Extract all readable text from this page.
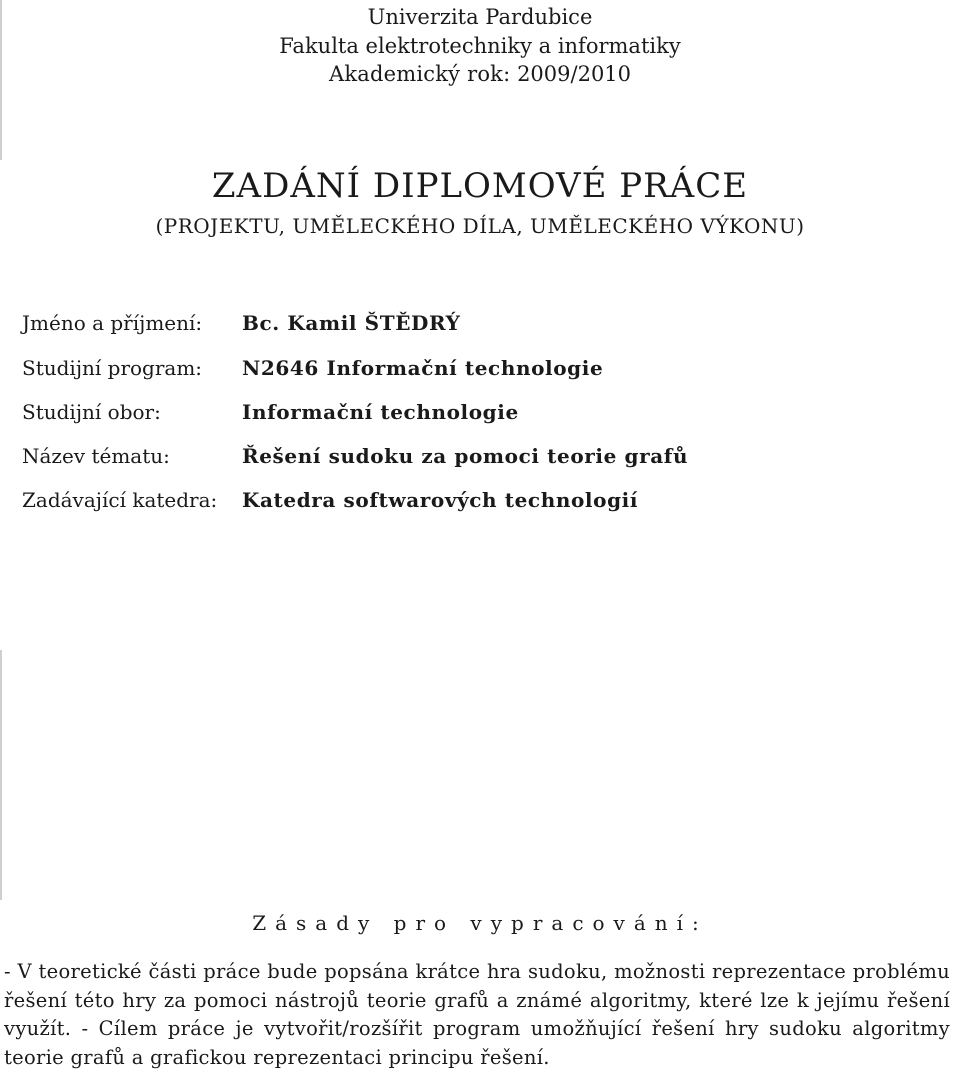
Univerzita Pardubice
Fakulta elektrotechniky a informatiky
Akademický rok: 2009/2010
ZADÁNÍ DIPLOMOVÉ PRÁCE
(PROJEKTU, UMĚLECKÉHO DÍLA, UMĚLECKÉHO VÝKONU)
Jméno a příjmení: Bc. Kamil ŠTĚDRÝ
Studijní program: N2646 Informační technologie
Studijní obor:	Informační technologie
Název tématu:	Řešení sudoku za pomoci teorie grafů
Zadávající katedra: Katedra softwarových technologií
Zásady pro vypracování:
- V teoretické části práce bude popsána krátce hra sudoku, možnosti reprezentace problému řešení této hry za pomoci nástrojů teorie grafů a známé algoritmy, které lze k jejímu řešení využít. - Cílem práce je vytvořit/rozšířit program umožňující řešení hry sudoku algoritmy teorie grafů a grafickou reprezentaci principu řešení.
